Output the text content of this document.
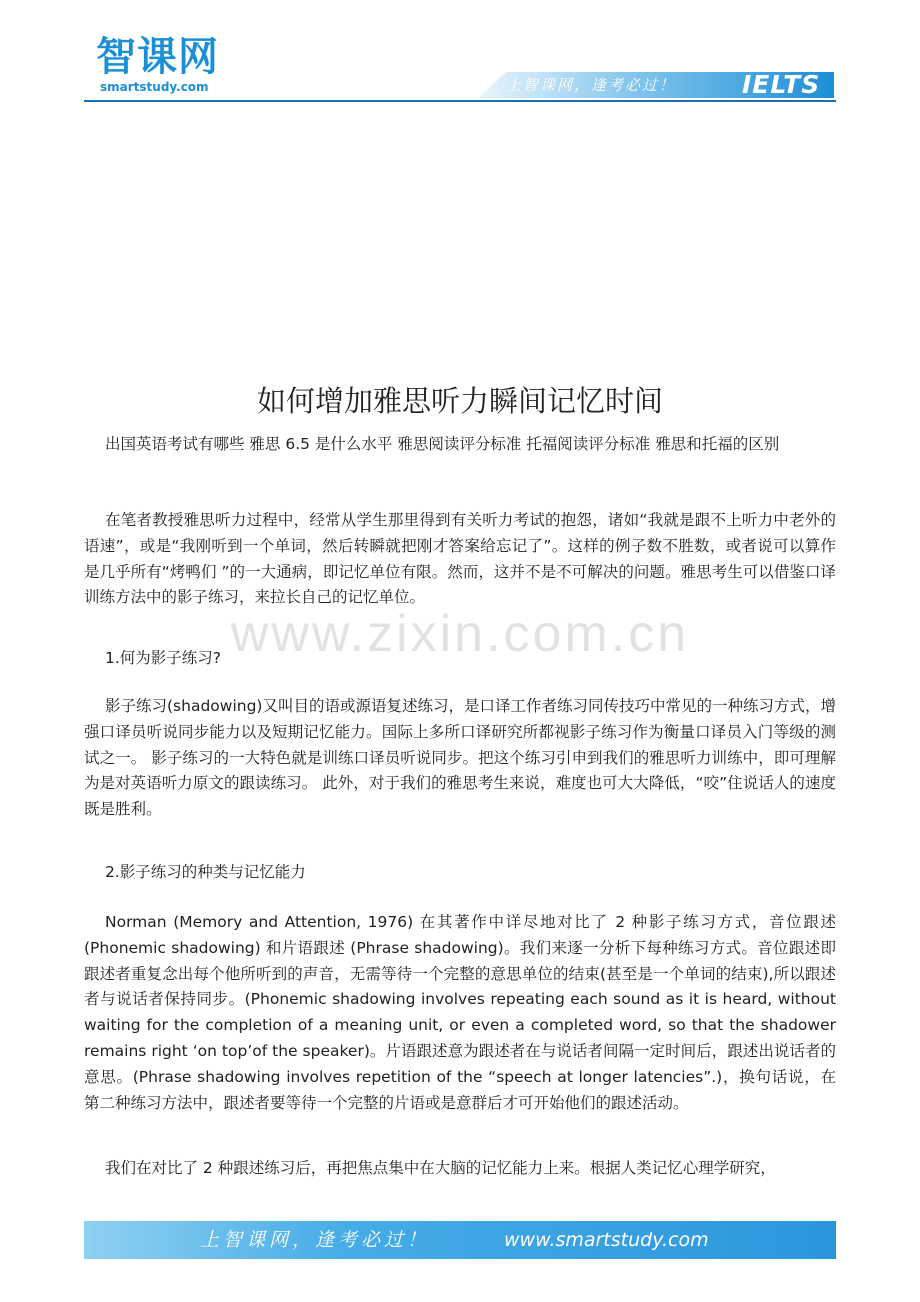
智课网
smartstudy.com	上智课网，逢考必过！	IELTS
www.zixin.com.cn
如何增加雅思听力瞬间记忆时间
出国英语考试有哪些 雅思 6.5 是什么水平 雅思阅读评分标准 托福阅读评分标准 雅思和托福的区别
在笔者教授雅思听力过程中，经常从学生那里得到有关听力考试的抱怨，诸如“我就是跟不上听力中老外的语速”，或是“我刚听到一个单词，然后转瞬就把刚才答案给忘记了”。这样的例子数不胜数，或者说可以算作是几乎所有“烤鸭们 ”的一大通病，即记忆单位有限。然而，这并不是不可解决的问题。雅思考生可以借鉴口译训练方法中的影子练习，来拉长自己的记忆单位。
1.何为影子练习?
影子练习(shadowing)又叫目的语或源语复述练习，是口译工作者练习同传技巧中常见的一种练习方式，增强口译员听说同步能力以及短期记忆能力。国际上多所口译研究所都视影子练习作为衡量口译员入门等级的测试之一。 影子练习的一大特色就是训练口译员听说同步。把这个练习引申到我们的雅思听力训练中，即可理解为是对英语听力原文的跟读练习。 此外，对于我们的雅思考生来说，难度也可大大降低，“咬”住说话人的速度既是胜利。
2.影子练习的种类与记忆能力
Norman (Memory and Attention, 1976) 在其著作中详尽地对比了 2 种影子练习方式，音位跟述(Phonemic shadowing) 和片语跟述 (Phrase shadowing)。我们来逐一分析下每种练习方式。音位跟述即跟述者重复念出每个他所听到的声音，无需等待一个完整的意思单位的结束(甚至是一个单词的结束),所以跟述者与说话者保持同步。(Phonemic shadowing involves repeating each sound as it is heard, without waiting for the completion of a meaning unit, or even a completed word, so that the shadower remains right ‘on top’of the speaker)。片语跟述意为跟述者在与说话者间隔一定时间后，跟述出说话者的意思。(Phrase shadowing involves repetition of the “speech at longer latencies”.)，换句话说，在第二种练习方法中，跟述者要等待一个完整的片语或是意群后才可开始他们的跟述活动。
我们在对比了 2 种跟述练习后，再把焦点集中在大脑的记忆能力上来。根据人类记忆心理学研究，
上智课网，逢考必过！	www.smartstudy.com
